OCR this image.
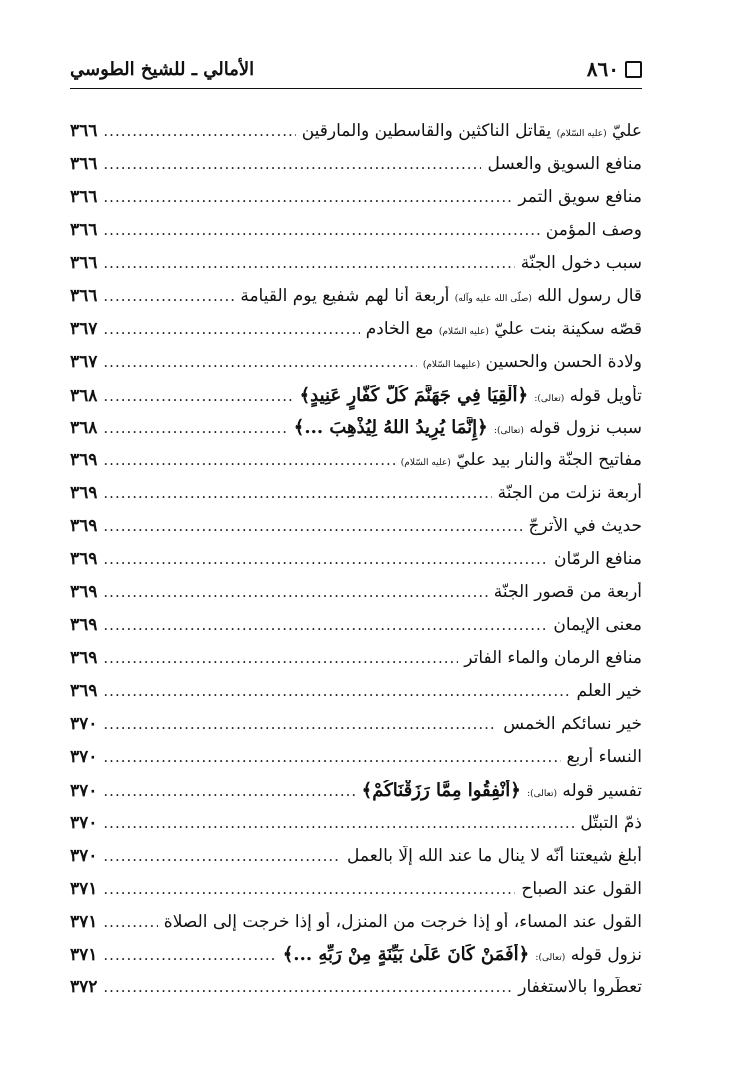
٨٦٠
الأمالي ـ للشيخ الطوسي
عليّ (عليه السّلام) يقاتل الناكثين والقاسطين والمارقين
.....
٣٦٦
منافع السويق والعسل
.....
٣٦٦
منافع سويق التمر
.....
٣٦٦
وصف المؤمن
.....
٣٦٦
سبب دخول الجنّة
.....
٣٦٦
قال رسول الله (صلّى الله عليه وآله) أربعة أنا لهم شفيع يوم القيامة
.....
٣٦٦
قصّه سكينة بنت عليّ (عليه السّلام) مع الخادم
.....
٣٦٧
ولادة الحسن والحسين (عليهما السّلام)
.....
٣٦٧
تأويل قوله (تعالى): ﴿أَلْقِيَا فِي جَهَنَّمَ كُلَّ كَفَّارٍ عَنِيدٍ﴾
.....
٣٦٨
سبب نزول قوله (تعالى): ﴿إِنَّمَا يُرِيدُ اللهُ لِيُذْهِبَ ...﴾
.....
٣٦٨
مفاتيح الجنّة والنار بيد عليّ (عليه السّلام)
.....
٣٦٩
أربعة نزلت من الجنّة
.....
٣٦٩
حديث في الأُترجّ
.....
٣٦٩
منافع الرمّان
.....
٣٦٩
أربعة من قصور الجنّة
.....
٣٦٩
معنى الإيمان
.....
٣٦٩
منافع الرمان والماء الفاتر
.....
٣٦٩
خير العلم
.....
٣٦٩
خير نسائكم الخمس
.....
٣٧٠
النساء أربع
.....
٣٧٠
تفسير قوله (تعالى): ﴿أَنْفِقُوا مِمَّا رَزَقْنَاكُمْ﴾
.....
٣٧٠
ذمّ التبتّل
.....
٣٧٠
أبلغ شيعتنا أنّه لا ينال ما عند الله إلّا بالعمل
.....
٣٧٠
القول عند الصباح
.....
٣٧١
القول عند المساء، أو إذا خرجت من المنزل، أو إذا خرجت إلى الصلاة
.....
٣٧١
نزول قوله (تعالى): ﴿أَفَمَنْ كَانَ عَلَىٰ بَيِّنَةٍ مِنْ رَبِّهِ ...﴾
.....
٣٧١
تعطّروا بالاستغفار
.....
٣٧٢
